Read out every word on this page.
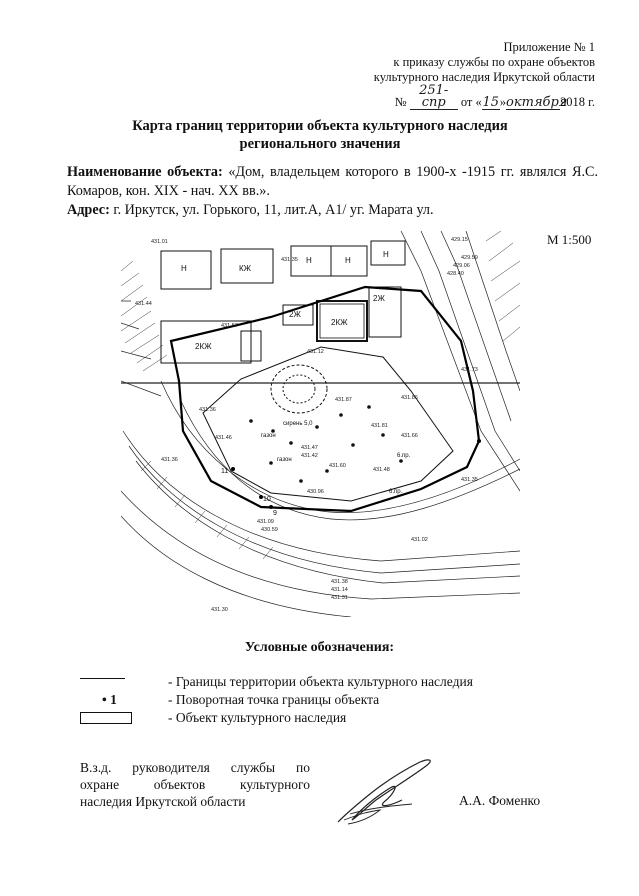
Приложение № 1
к приказу службы по охране объектов
культурного наследия Иркутской области
№ 251-спр от «15»октября2018 г.
Карта границ территории объекта культурного наследия
регионального значения
Наименование объекта: «Дом, владельцем которого в 1900-х -1915 гг. являлся Я.С. Комаров, кон. XIX - нач. XX вв.».
Адрес: г. Иркутск, ул. Горького, 11, лит.А, А1/ уг. Марата ул.
М 1:500
2КЖ
2Ж
2КЖ
2Ж
Н	КЖ
Н
Н
Н
сирень 5,0
газон
газон
6.пр.
6.пр.
431.12
431.57
431.36
431.87
431.81
431.46
431.47
431.42
431.60
431.48
431.86
431.66
430.96
431.09
431.14
431.38
431.31
431.30
431.44
431.73
431.35
431.36
431.35
431.01
428.40
429.15
429.59
429.06
431.02
430.59
9
10
11
Условные обозначения:
- Границы территории объекта культурного наследия
• 1	- Поворотная точка границы объекта
- Объект культурного наследия
В.з.д. руководителя службы по
охране объектов культурного
наследия Иркутской области	А.А. Фоменко
